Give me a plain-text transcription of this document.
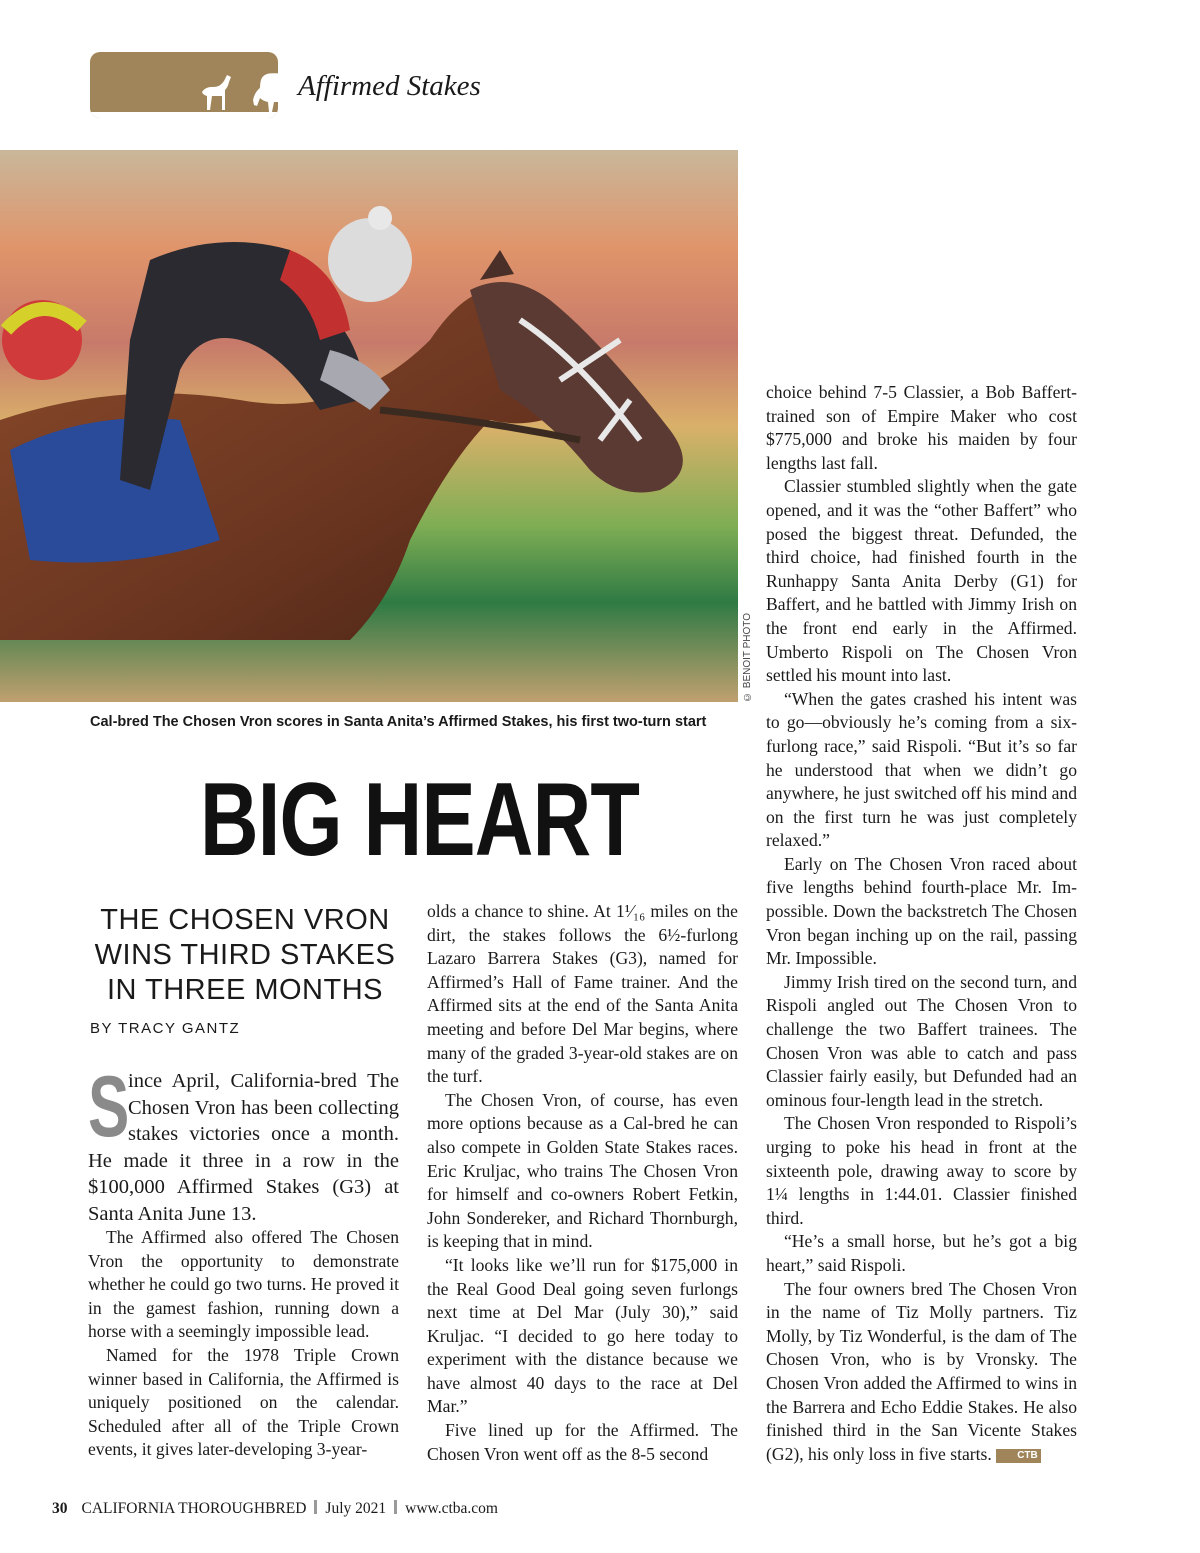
Affirmed Stakes
© BENOIT PHOTO
Cal-bred The Chosen Vron scores in Santa Anita’s Affirmed Stakes, his first two-turn start
BIG HEART
THE CHOSEN VRON WINS THIRD STAKES IN THREE MONTHS
BY TRACY GANTZ
S
ince April, California-bred The Chosen Vron has been collecting stakes victories once a month. He made it three in a row in the $100,000 Affirmed Stakes (G3) at Santa Anita June 13.

The Affirmed also offered The Chosen Vron the opportunity to demonstrate whether he could go two turns. He proved it in the gamest fashion, running down a horse with a seemingly impossible lead.

Named for the 1978 Triple Crown winner based in California, the Affirmed is uniquely positioned on the calendar. Scheduled after all of the Triple Crown events, it gives later-developing 3-year-

olds a chance to shine. At 1¹⁄₁₆ miles on the dirt, the stakes follows the 6½-furlong Lazaro Barrera Stakes (G3), named for Affirmed’s Hall of Fame trainer. And the Affirmed sits at the end of the Santa Anita meeting and before Del Mar begins, where many of the graded 3-year-old stakes are on the turf.

The Chosen Vron, of course, has even more options because as a Cal-bred he can also compete in Golden State Stakes races. Eric Kruljac, who trains The Chosen Vron for himself and co-owners Robert Fetkin, John Sondereker, and Richard Thornburgh, is keeping that in mind.

“It looks like we’ll run for $175,000 in the Real Good Deal going seven furlongs next time at Del Mar (July 30),” said Kruljac. “I decided to go here today to experiment with the distance because we have almost 40 days to the race at Del Mar.”

Five lined up for the Affirmed. The Chosen Vron went off as the 8-5 second

choice behind 7-5 Classier, a Bob Baffert-trained son of Empire Maker who cost $775,000 and broke his maiden by four lengths last fall.

Classier stumbled slightly when the gate opened, and it was the “other Baffert” who posed the biggest threat. Defunded, the third choice, had finished fourth in the Runhappy Santa Anita Derby (G1) for Baffert, and he battled with Jimmy Irish on the front end early in the Affirmed. Umberto Rispoli on The Chosen Vron settled his mount into last.

“When the gates crashed his intent was to go—obviously he’s coming from a six-furlong race,” said Rispoli. “But it’s so far he understood that when we didn’t go anywhere, he just switched off his mind and on the first turn he was just completely relaxed.”

Early on The Chosen Vron raced about five lengths behind fourth-place Mr. Impossible. Down the backstretch The Chosen Vron began inching up on the rail, passing Mr. Impossible.

Jimmy Irish tired on the second turn, and Rispoli angled out The Chosen Vron to challenge the two Baffert trainees. The Chosen Vron was able to catch and pass Classier fairly easily, but Defunded had an ominous four-length lead in the stretch.

The Chosen Vron responded to Rispoli’s urging to poke his head in front at the sixteenth pole, drawing away to score by 1¼ lengths in 1:44.01. Classier finished third.

“He’s a small horse, but he’s got a big heart,” said Rispoli.

The four owners bred The Chosen Vron in the name of Tiz Molly partners. Tiz Molly, by Tiz Wonderful, is the dam of The Chosen Vron, who is by Vronsky. The Chosen Vron added the Affirmed to wins in the Barrera and Echo Eddie Stakes. He also finished third in the San Vicente Stakes (G2), his only loss in five starts.	CTB

30 CALIFORNIA THOROUGHBRED July 2021 www.ctba.com
